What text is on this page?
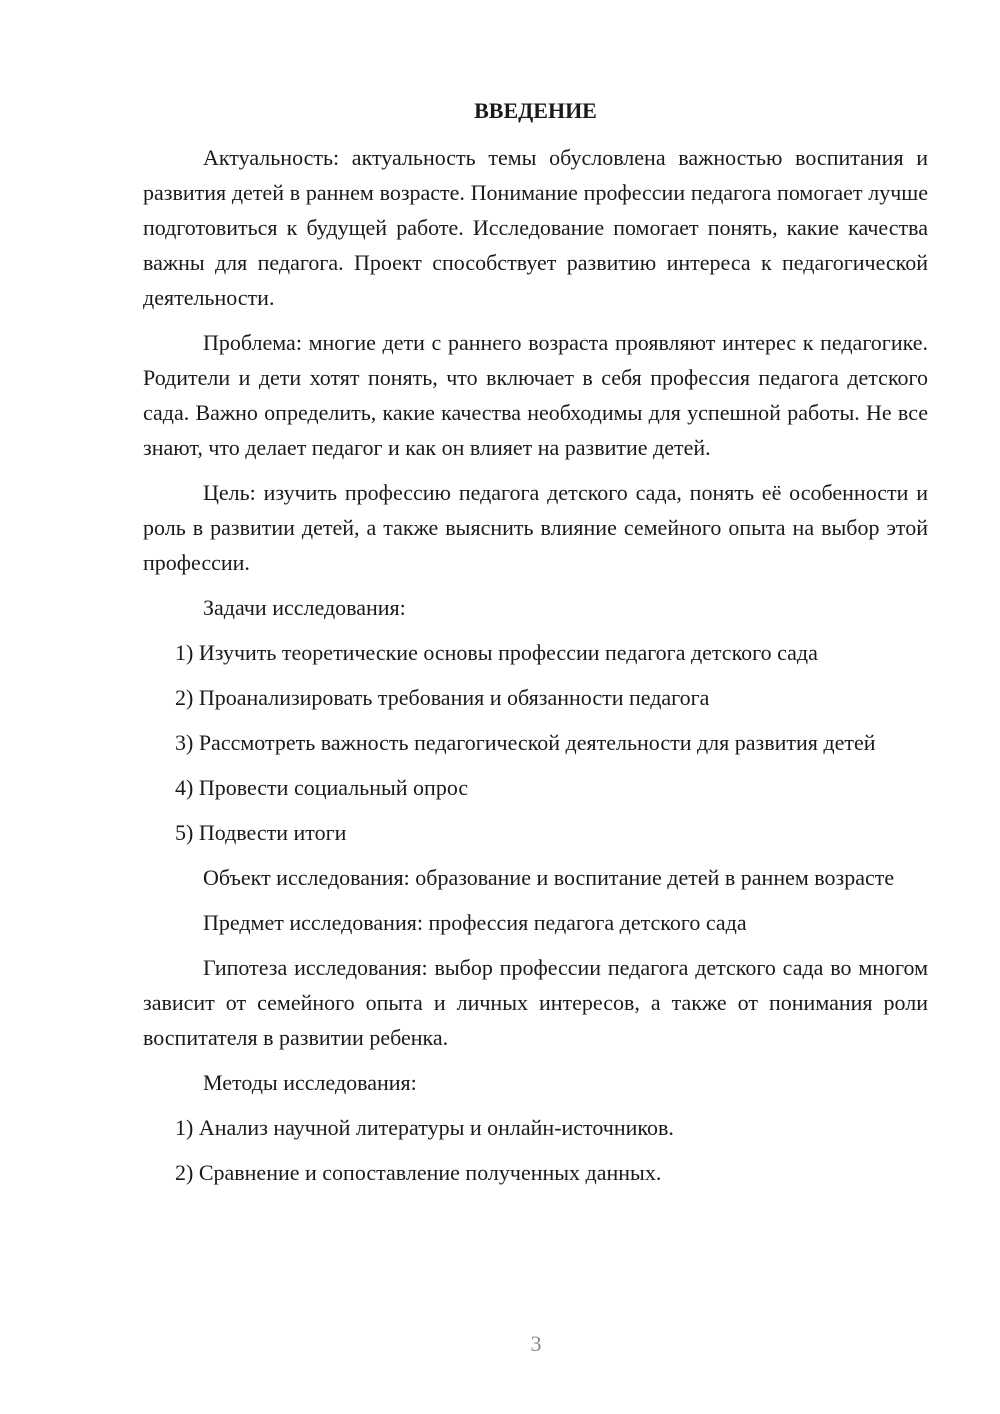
ВВЕДЕНИЕ

Актуальность: актуальность темы обусловлена важностью воспитания и развития детей в раннем возрасте. Понимание профессии педагога помогает лучше подготовиться к будущей работе. Исследование помогает понять, какие качества важны для педагога. Проект способствует развитию интереса к педагогической деятельности.

Проблема: многие дети с раннего возраста проявляют интерес к педагогике. Родители и дети хотят понять, что включает в себя профессия педагога детского сада. Важно определить, какие качества необходимы для успешной работы. Не все знают, что делает педагог и как он влияет на развитие детей.

Цель: изучить профессию педагога детского сада, понять её особенности и роль в развитии детей, а также выяснить влияние семейного опыта на выбор этой профессии.

Задачи исследования:

1) Изучить теоретические основы профессии педагога детского сада

2) Проанализировать требования и обязанности педагога

3) Рассмотреть важность педагогической деятельности для развития детей

4) Провести социальный опрос

5) Подвести итоги

Объект исследования: образование и воспитание детей в раннем возрасте

Предмет исследования: профессия педагога детского сада

Гипотеза исследования: выбор профессии педагога детского сада во многом зависит от семейного опыта и личных интересов, а также от понимания роли воспитателя в развитии ребенка.

Методы исследования:

1) Анализ научной литературы и онлайн-источников.

2) Сравнение и сопоставление полученных данных.

3
